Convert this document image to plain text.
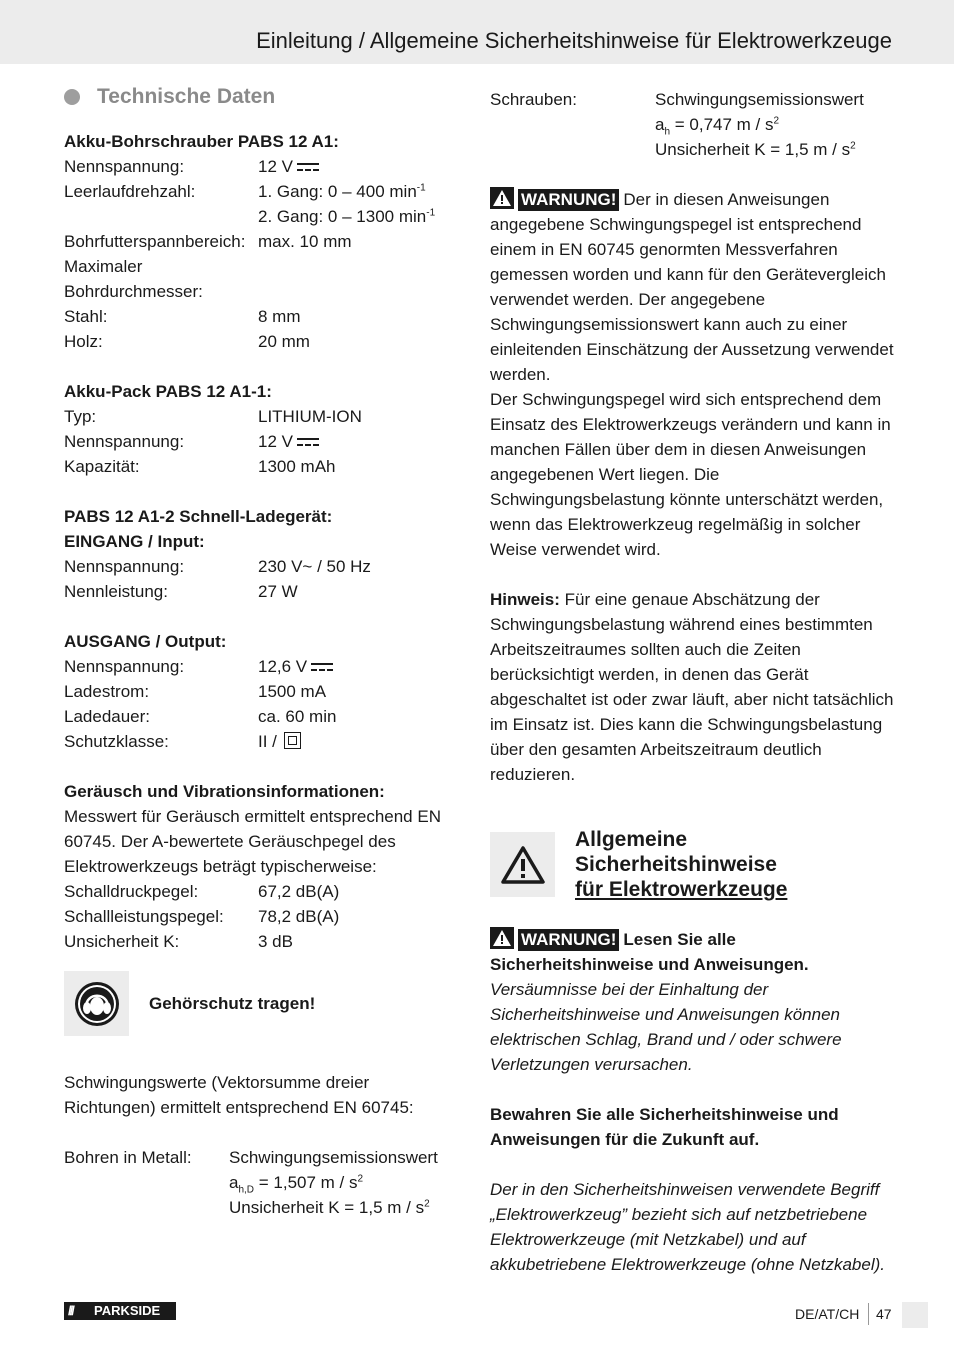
Einleitung / Allgemeine Sicherheitshinweise für Elektrowerkzeuge
Technische Daten
Akku-Bohrschrauber PABS 12 A1:
Nennspannung:	12 V
Leerlaufdrehzahl:	1. Gang: 0 – 400 $\min^{-1}$
2. Gang: 0 – 1300 $\min^{-1}$
Bohrfutterspannbereich: max. 10 mm
Maximaler
Bohrdurchmesser:
Stahl:	8 mm
Holz:	20 mm
Akku-Pack PABS 12 A1-1:
Typ:	LITHIUM-ION
Nennspannung:	12 V
Kapazität:	1300 mAh
PABS 12 A1-2 Schnell-Ladegerät:
EINGANG / Input:
Nennspannung:	230 V~ / 50 Hz
Nennleistung:	27 W
AUSGANG / Output:
Nennspannung:	12,6 V
Ladestrom:	1500 mA
Ladedauer:	ca. 60 min
Schutzklasse:	II /
Geräusch und Vibrationsinformationen:
Messwert für Geräusch ermittelt entsprechend EN 60745. Der A-bewertete Geräuschpegel des Elektrowerkzeugs beträgt typischerweise:
Schalldruckpegel:	67,2 dB(A)
Schallleistungspegel:	78,2 dB(A)
Unsicherheit K:	3 dB
Gehörschutz tragen!
Schwingungswerte (Vektorsumme dreier Richtungen) ermittelt entsprechend EN 60745:
Bohren in Metall:	Schwingungsemissionswert
$a_{h,D} = 1,507$ m / $s^2$
Unsicherheit K = 1,5 m / $s^2$
Schrauben:	Schwingungsemissionswert
$a_h = 0,747$ m / $s^2$
Unsicherheit K = 1,5 m / $s^2$
WARNUNG! Der in diesen Anweisungen angegebene Schwingungspegel ist entsprechend einem in EN 60745 genormten Messverfahren gemessen worden und kann für den Gerätevergleich verwendet werden. Der angegebene Schwingungsemissionswert kann auch zu einer einleitenden Einschätzung der Aussetzung verwendet werden.
Der Schwingungspegel wird sich entsprechend dem Einsatz des Elektrowerkzeugs verändern und kann in manchen Fällen über dem in diesen Anweisungen angegebenen Wert liegen. Die Schwingungsbelastung könnte unterschätzt werden, wenn das Elektrowerkzeug regelmäßig in solcher Weise verwendet wird.
Hinweis: Für eine genaue Abschätzung der Schwingungsbelastung während eines bestimmten Arbeitszeitraumes sollten auch die Zeiten berücksichtigt werden, in denen das Gerät abgeschaltet ist oder zwar läuft, aber nicht tatsächlich im Einsatz ist. Dies kann die Schwingungsbelastung über den gesamten Arbeitszeitraum deutlich reduzieren.
Allgemeine
Sicherheitshinweise
für Elektrowerkzeuge
WARNUNG! Lesen Sie alle Sicherheitshinweise und Anweisungen. Versäumnisse bei der Einhaltung der Sicherheitshinweise und Anweisungen können elektrischen Schlag, Brand und / oder schwere Verletzungen verursachen.
Bewahren Sie alle Sicherheitshinweise und Anweisungen für die Zukunft auf.
Der in den Sicherheitshinweisen verwendete Begriff „Elektrowerkzeug” bezieht sich auf netzbetriebene Elektrowerkzeuge (mit Netzkabel) und auf akkubetriebene Elektrowerkzeuge (ohne Netzkabel).
/// PARKSIDE	DE/AT/CH 47
